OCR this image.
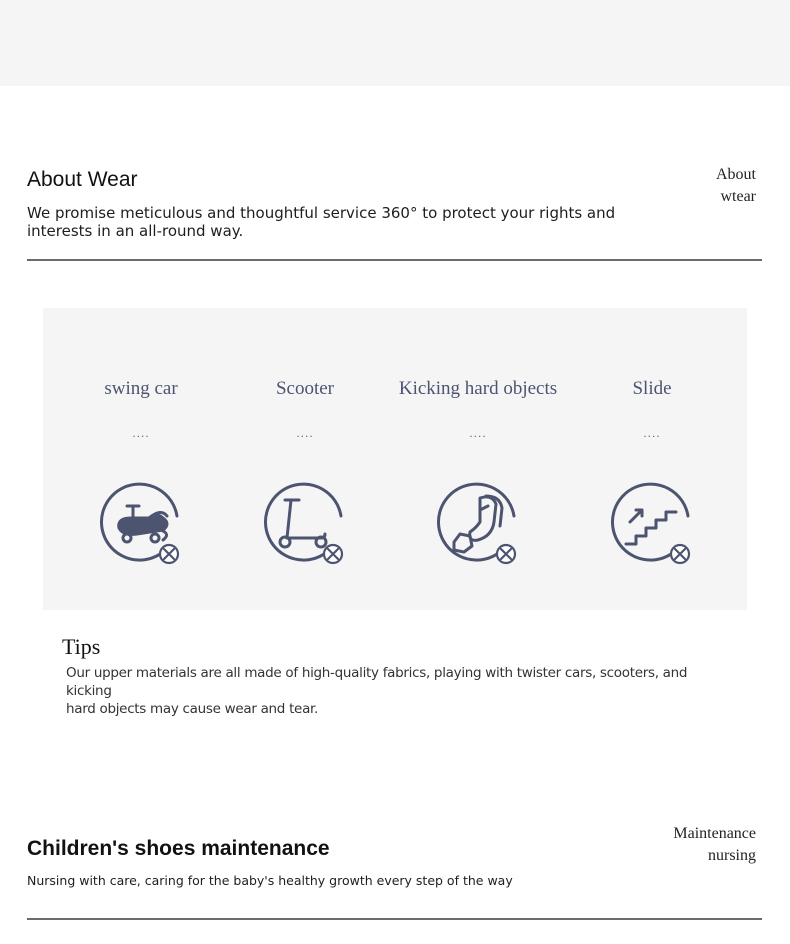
About Wear

We promise meticulous and thoughtful service 360° to protect your rights and
interests in an all-round way.

About
wtear
swing car
....
Scooter
....
Kicking hard objects
....
Slide
....
Tips
Our upper materials are all made of high-quality fabrics, playing with twister cars, scooters, and kicking
hard objects may cause wear and tear.
Children's shoes maintenance
Nursing with care, caring for the baby's healthy growth every step of the way
Maintenance
nursing
